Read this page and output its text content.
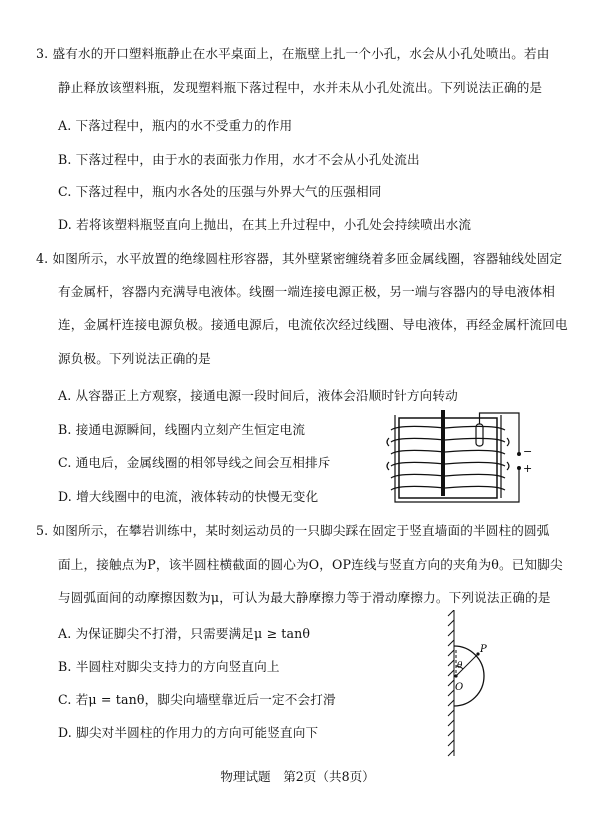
3. 盛有水的开口塑料瓶静止在水平桌面上，在瓶壁上扎一个小孔，水会从小孔处喷出。若由
静止释放该塑料瓶，发现塑料瓶下落过程中，水并未从小孔处流出。下列说法正确的是
A. 下落过程中，瓶内的水不受重力的作用
B. 下落过程中，由于水的表面张力作用，水才不会从小孔处流出
C. 下落过程中，瓶内水各处的压强与外界大气的压强相同
D. 若将该塑料瓶竖直向上抛出，在其上升过程中，小孔处会持续喷出水流
4. 如图所示，水平放置的绝缘圆柱形容器，其外壁紧密缠绕着多匝金属线圈，容器轴线处固定
有金属杆，容器内充满导电液体。线圈一端连接电源正极，另一端与容器内的导电液体相
连，金属杆连接电源负极。接通电源后，电流依次经过线圈、导电液体，再经金属杆流回电
源负极。下列说法正确的是
A. 从容器正上方观察，接通电源一段时间后，液体会沿顺时针方向转动
B. 接通电源瞬间，线圈内立刻产生恒定电流
C. 通电后，金属线圈的相邻导线之间会互相排斥
D. 增大线圈中的电流，液体转动的快慢无变化
−
+
5. 如图所示，在攀岩训练中，某时刻运动员的一只脚尖踩在固定于竖直墙面的半圆柱的圆弧
面上，接触点为P，该半圆柱横截面的圆心为O，OP连线与竖直方向的夹角为θ。已知脚尖
与圆弧面间的动摩擦因数为μ，可认为最大静摩擦力等于滑动摩擦力。下列说法正确的是
A. 为保证脚尖不打滑，只需要满足μ ≥ tanθ
B. 半圆柱对脚尖支持力的方向竖直向上
C. 若μ = tanθ，脚尖向墙壁靠近后一定不会打滑
D. 脚尖对半圆柱的作用力的方向可能竖直向下
P
O
θ
物理试题　第2页（共8页）
